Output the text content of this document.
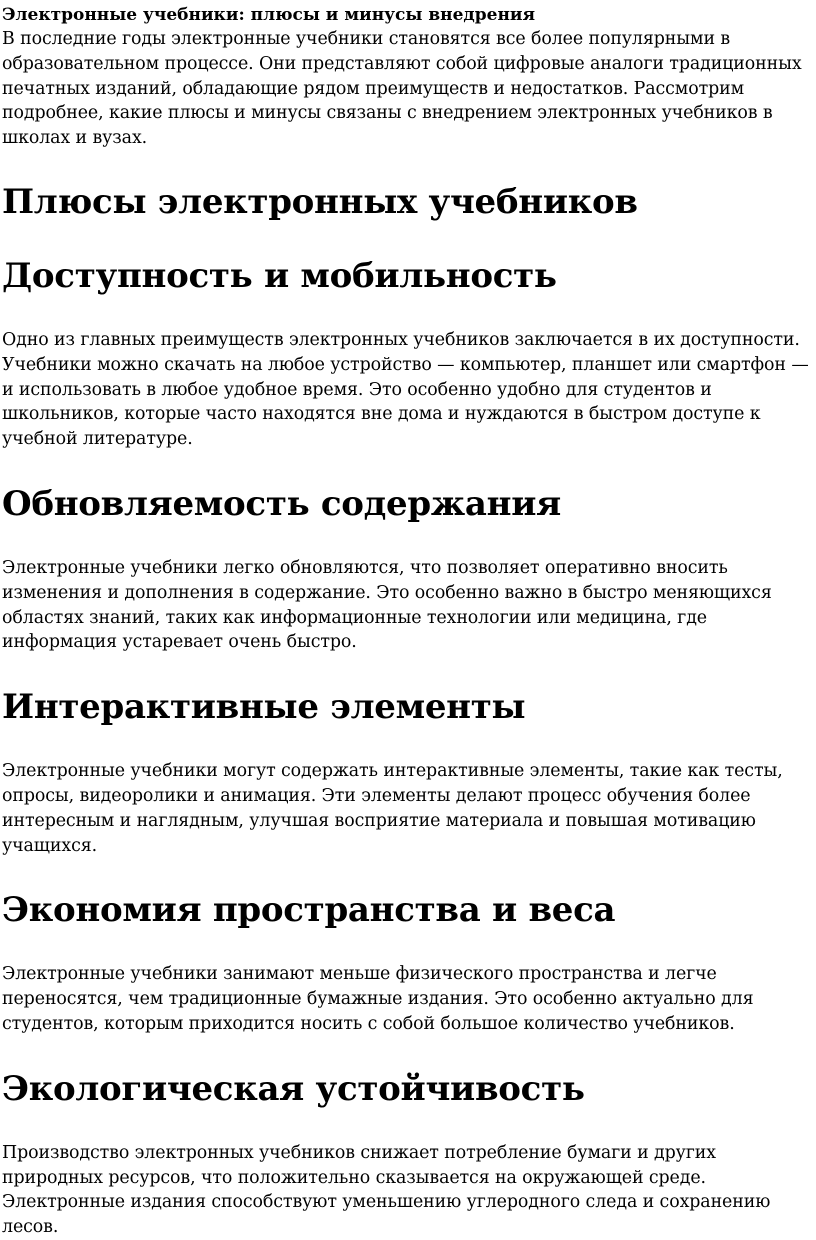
Электронные учебники: плюсы и минусы внедрения

В последние годы электронные учебники становятся все более популярными в образовательном процессе. Они представляют собой цифровые аналоги традиционных печатных изданий, обладающие рядом преимуществ и недостатков. Рассмотрим подробнее, какие плюсы и минусы связаны с внедрением электронных учебников в школах и вузах.

Плюсы электронных учебников
Доступность и мобильность

Одно из главных преимуществ электронных учебников заключается в их доступности. Учебники можно скачать на любое устройство — компьютер, планшет или смартфон — и использовать в любое удобное время. Это особенно удобно для студентов и школьников, которые часто находятся вне дома и нуждаются в быстром доступе к учебной литературе.

Обновляемость содержания

Электронные учебники легко обновляются, что позволяет оперативно вносить изменения и дополнения в содержание. Это особенно важно в быстро меняющихся областях знаний, таких как информационные технологии или медицина, где информация устаревает очень быстро.

Интерактивные элементы

Электронные учебники могут содержать интерактивные элементы, такие как тесты, опросы, видеоролики и анимация. Эти элементы делают процесс обучения более интересным и наглядным, улучшая восприятие материала и повышая мотивацию учащихся.

Экономия пространства и веса

Электронные учебники занимают меньше физического пространства и легче переносятся, чем традиционные бумажные издания. Это особенно актуально для студентов, которым приходится носить с собой большое количество учебников.

Экологическая устойчивость

Производство электронных учебников снижает потребление бумаги и других природных ресурсов, что положительно сказывается на окружающей среде. Электронные издания способствуют уменьшению углеродного следа и сохранению лесов.
